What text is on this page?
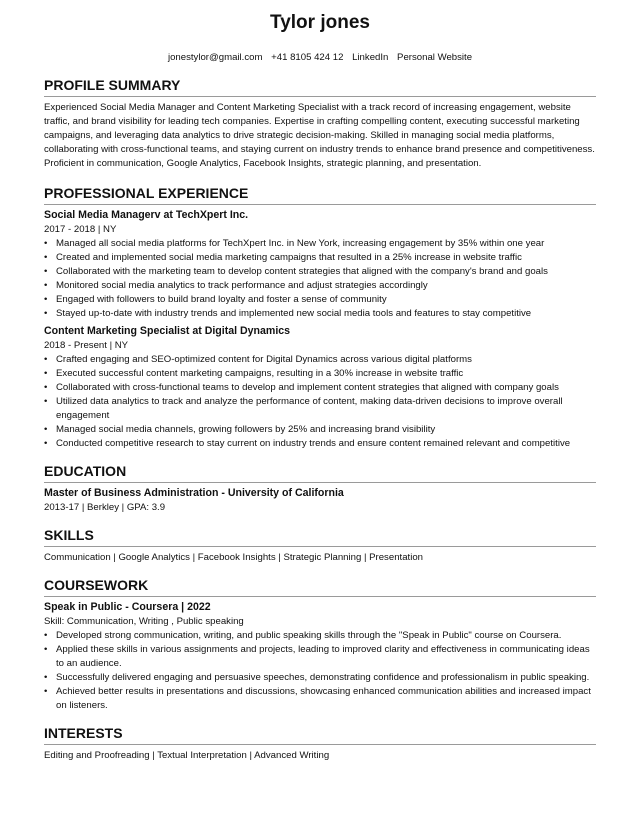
Tylor jones
jonestylor@gmail.com +41 8105 424 12 LinkedIn Personal Website
PROFILE SUMMARY

Experienced Social Media Manager and Content Marketing Specialist with a track record of increasing engagement, website traffic, and brand visibility for leading tech companies. Expertise in crafting compelling content, executing successful marketing campaigns, and leveraging data analytics to drive strategic decision-making. Skilled in managing social media platforms, collaborating with cross-functional teams, and staying current on industry trends to enhance brand presence and competitiveness. Proficient in communication, Google Analytics, Facebook Insights, strategic planning, and presentation.

PROFESSIONAL EXPERIENCE
Social Media Managerv at TechXpert Inc.
2017 - 2018 | NY
• Managed all social media platforms for TechXpert Inc. in New York, increasing engagement by 35% within one year
• Created and implemented social media marketing campaigns that resulted in a 25% increase in website traffic
• Collaborated with the marketing team to develop content strategies that aligned with the company's brand and goals
• Monitored social media analytics to track performance and adjust strategies accordingly
• Engaged with followers to build brand loyalty and foster a sense of community
• Stayed up-to-date with industry trends and implemented new social media tools and features to stay competitive
Content Marketing Specialist at Digital Dynamics
2018 - Present | NY
• Crafted engaging and SEO-optimized content for Digital Dynamics across various digital platforms
• Executed successful content marketing campaigns, resulting in a 30% increase in website traffic
• Collaborated with cross-functional teams to develop and implement content strategies that aligned with company goals
• Utilized data analytics to track and analyze the performance of content, making data-driven decisions to improve overall engagement
• Managed social media channels, growing followers by 25% and increasing brand visibility
• Conducted competitive research to stay current on industry trends and ensure content remained relevant and competitive
EDUCATION
Master of Business Administration - University of California
2013-17 | Berkley | GPA: 3.9
SKILLS

Communication | Google Analytics | Facebook Insights | Strategic Planning | Presentation

COURSEWORK
Speak in Public - Coursera | 2022
Skill: Communication, Writing , Public speaking
• Developed strong communication, writing, and public speaking skills through the "Speak in Public" course on Coursera.
• Applied these skills in various assignments and projects, leading to improved clarity and effectiveness in communicating ideas to an audience.
• Successfully delivered engaging and persuasive speeches, demonstrating confidence and professionalism in public speaking.
• Achieved better results in presentations and discussions, showcasing enhanced communication abilities and increased impact on listeners.
INTERESTS

Editing and Proofreading | Textual Interpretation | Advanced Writing
